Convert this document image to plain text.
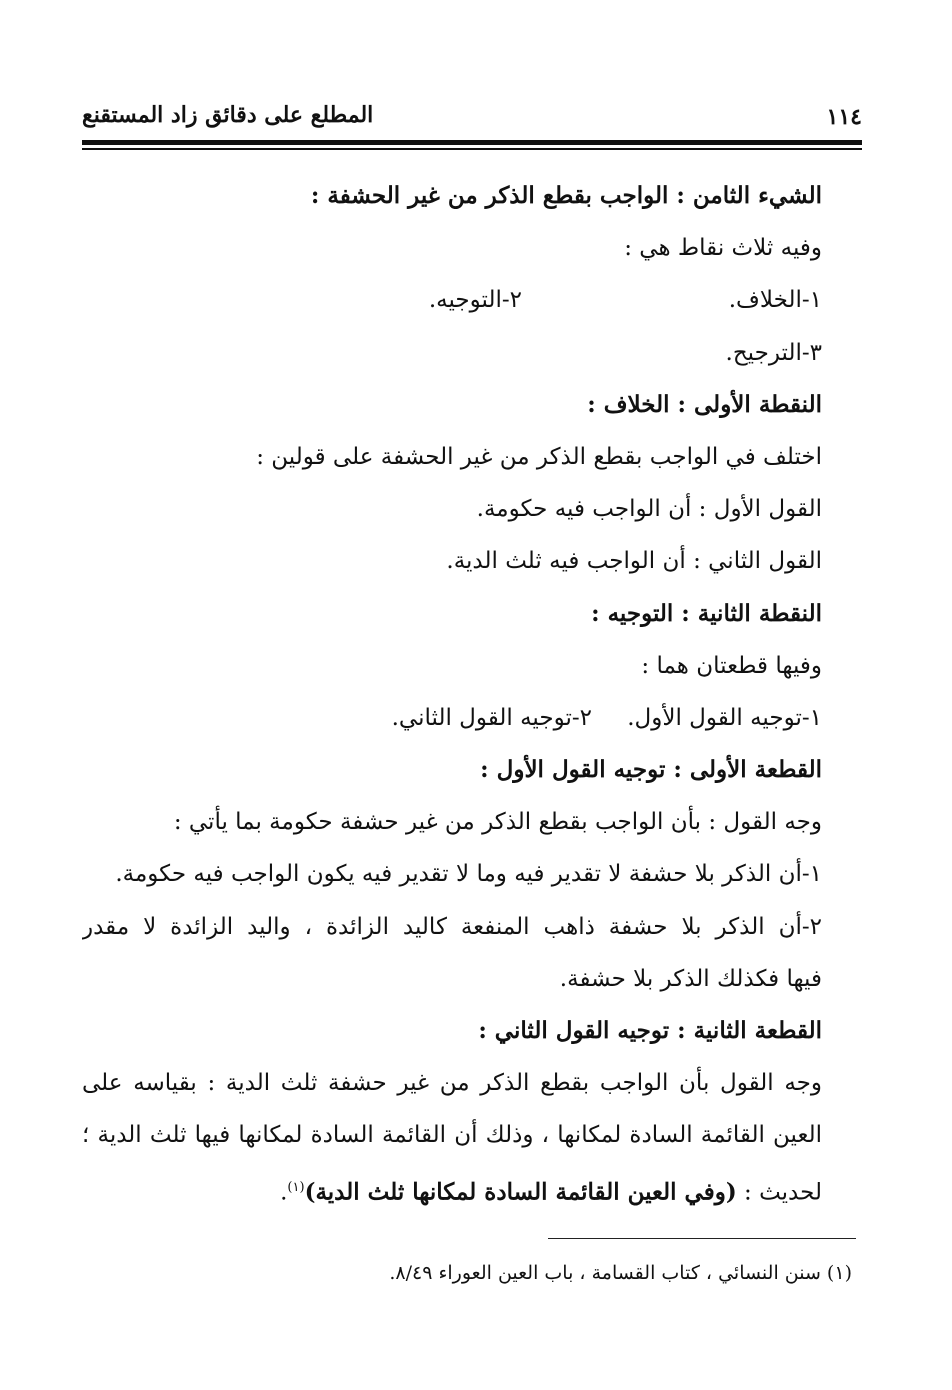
١١٤
المطلع على دقائق زاد المستقنع
الشيء الثامن : الواجب بقطع الذكر من غير الحشفة :
وفيه ثلاث نقاط هي :
١-الخلاف.
٢-التوجيه.
٣-الترجيح.
النقطة الأولى : الخلاف :
اختلف في الواجب بقطع الذكر من غير الحشفة على قولين :
القول الأول : أن الواجب فيه حكومة.
القول الثاني : أن الواجب فيه ثلث الدية.
النقطة الثانية : التوجيه :
وفيها قطعتان هما :
١-توجيه القول الأول.
٢-توجيه القول الثاني.
القطعة الأولى : توجيه القول الأول :
وجه القول : بأن الواجب بقطع الذكر من غير حشفة حكومة بما يأتي :
١-أن الذكر بلا حشفة لا تقدير فيه وما لا تقدير فيه يكون الواجب فيه حكومة.
٢-أن الذكر بلا حشفة ذاهب المنفعة كاليد الزائدة ، واليد الزائدة لا مقدر
فيها فكذلك الذكر بلا حشفة.
القطعة الثانية : توجيه القول الثاني :
وجه القول بأن الواجب بقطع الذكر من غير حشفة ثلث الدية : بقياسه على
العين القائمة السادة لمكانها ، وذلك أن القائمة السادة لمكانها فيها ثلث الدية ؛
لحديث : (وفي العين القائمة السادة لمكانها ثلث الدية)$^{(١)}$.
(١) سنن النسائي ، كتاب القسامة ، باب العين العوراء ٨/٤٩.
